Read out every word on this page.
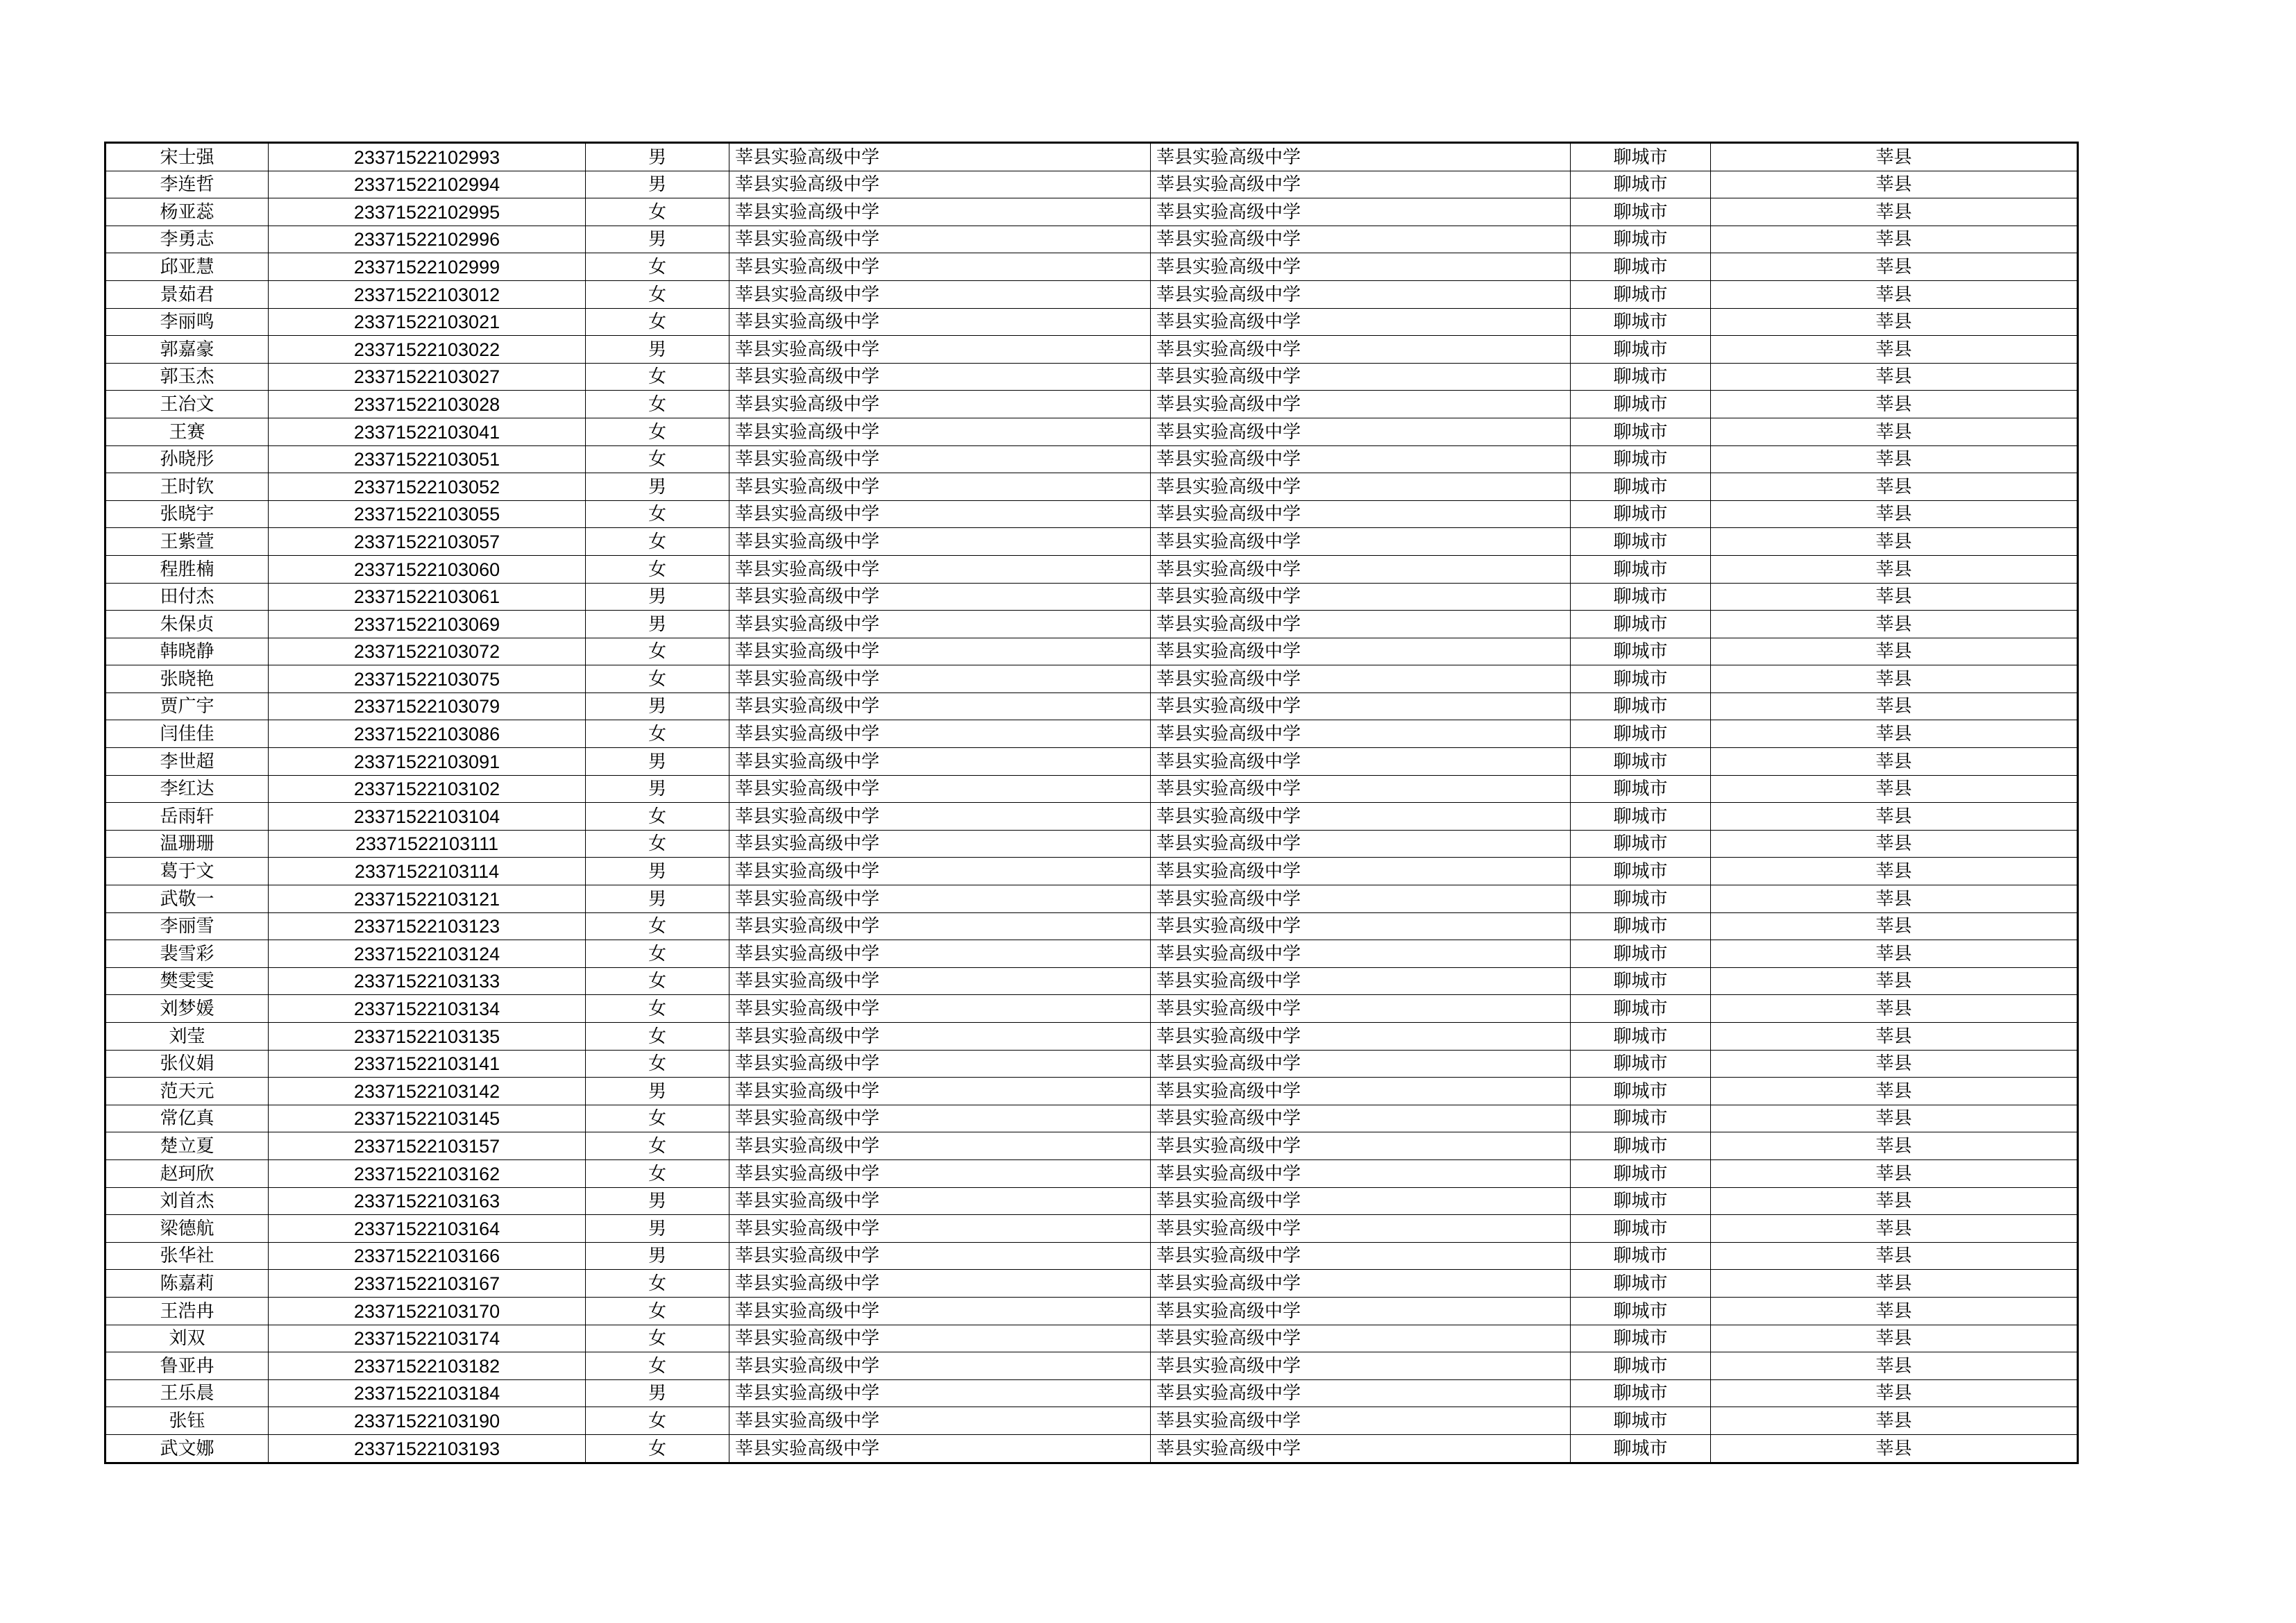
宋士强	23371522102993	男	莘县实验高级中学	莘县实验高级中学	聊城市	莘县
李连哲	23371522102994	男	莘县实验高级中学	莘县实验高级中学	聊城市	莘县
杨亚蕊	23371522102995	女	莘县实验高级中学	莘县实验高级中学	聊城市	莘县
李勇志	23371522102996	男	莘县实验高级中学	莘县实验高级中学	聊城市	莘县
邱亚慧	23371522102999	女	莘县实验高级中学	莘县实验高级中学	聊城市	莘县
景茹君	23371522103012	女	莘县实验高级中学	莘县实验高级中学	聊城市	莘县
李丽鸣	23371522103021	女	莘县实验高级中学	莘县实验高级中学	聊城市	莘县
郭嘉豪	23371522103022	男	莘县实验高级中学	莘县实验高级中学	聊城市	莘县
郭玉杰	23371522103027	女	莘县实验高级中学	莘县实验高级中学	聊城市	莘县
王冶文	23371522103028	女	莘县实验高级中学	莘县实验高级中学	聊城市	莘县
王赛	23371522103041	女	莘县实验高级中学	莘县实验高级中学	聊城市	莘县
孙晓彤	23371522103051	女	莘县实验高级中学	莘县实验高级中学	聊城市	莘县
王时钦	23371522103052	男	莘县实验高级中学	莘县实验高级中学	聊城市	莘县
张晓宇	23371522103055	女	莘县实验高级中学	莘县实验高级中学	聊城市	莘县
王紫萱	23371522103057	女	莘县实验高级中学	莘县实验高级中学	聊城市	莘县
程胜楠	23371522103060	女	莘县实验高级中学	莘县实验高级中学	聊城市	莘县
田付杰	23371522103061	男	莘县实验高级中学	莘县实验高级中学	聊城市	莘县
朱保贞	23371522103069	男	莘县实验高级中学	莘县实验高级中学	聊城市	莘县
韩晓静	23371522103072	女	莘县实验高级中学	莘县实验高级中学	聊城市	莘县
张晓艳	23371522103075	女	莘县实验高级中学	莘县实验高级中学	聊城市	莘县
贾广宇	23371522103079	男	莘县实验高级中学	莘县实验高级中学	聊城市	莘县
闫佳佳	23371522103086	女	莘县实验高级中学	莘县实验高级中学	聊城市	莘县
李世超	23371522103091	男	莘县实验高级中学	莘县实验高级中学	聊城市	莘县
李红达	23371522103102	男	莘县实验高级中学	莘县实验高级中学	聊城市	莘县
岳雨轩	23371522103104	女	莘县实验高级中学	莘县实验高级中学	聊城市	莘县
温珊珊	23371522103111	女	莘县实验高级中学	莘县实验高级中学	聊城市	莘县
葛于文	23371522103114	男	莘县实验高级中学	莘县实验高级中学	聊城市	莘县
武敬一	23371522103121	男	莘县实验高级中学	莘县实验高级中学	聊城市	莘县
李丽雪	23371522103123	女	莘县实验高级中学	莘县实验高级中学	聊城市	莘县
裴雪彩	23371522103124	女	莘县实验高级中学	莘县实验高级中学	聊城市	莘县
樊雯雯	23371522103133	女	莘县实验高级中学	莘县实验高级中学	聊城市	莘县
刘梦媛	23371522103134	女	莘县实验高级中学	莘县实验高级中学	聊城市	莘县
刘莹	23371522103135	女	莘县实验高级中学	莘县实验高级中学	聊城市	莘县
张仪娟	23371522103141	女	莘县实验高级中学	莘县实验高级中学	聊城市	莘县
范天元	23371522103142	男	莘县实验高级中学	莘县实验高级中学	聊城市	莘县
常亿真	23371522103145	女	莘县实验高级中学	莘县实验高级中学	聊城市	莘县
楚立夏	23371522103157	女	莘县实验高级中学	莘县实验高级中学	聊城市	莘县
赵珂欣	23371522103162	女	莘县实验高级中学	莘县实验高级中学	聊城市	莘县
刘首杰	23371522103163	男	莘县实验高级中学	莘县实验高级中学	聊城市	莘县
梁德航	23371522103164	男	莘县实验高级中学	莘县实验高级中学	聊城市	莘县
张华社	23371522103166	男	莘县实验高级中学	莘县实验高级中学	聊城市	莘县
陈嘉莉	23371522103167	女	莘县实验高级中学	莘县实验高级中学	聊城市	莘县
王浩冉	23371522103170	女	莘县实验高级中学	莘县实验高级中学	聊城市	莘县
刘双	23371522103174	女	莘县实验高级中学	莘县实验高级中学	聊城市	莘县
鲁亚冉	23371522103182	女	莘县实验高级中学	莘县实验高级中学	聊城市	莘县
王乐晨	23371522103184	男	莘县实验高级中学	莘县实验高级中学	聊城市	莘县
张钰	23371522103190	女	莘县实验高级中学	莘县实验高级中学	聊城市	莘县
武文娜	23371522103193	女	莘县实验高级中学	莘县实验高级中学	聊城市	莘县
